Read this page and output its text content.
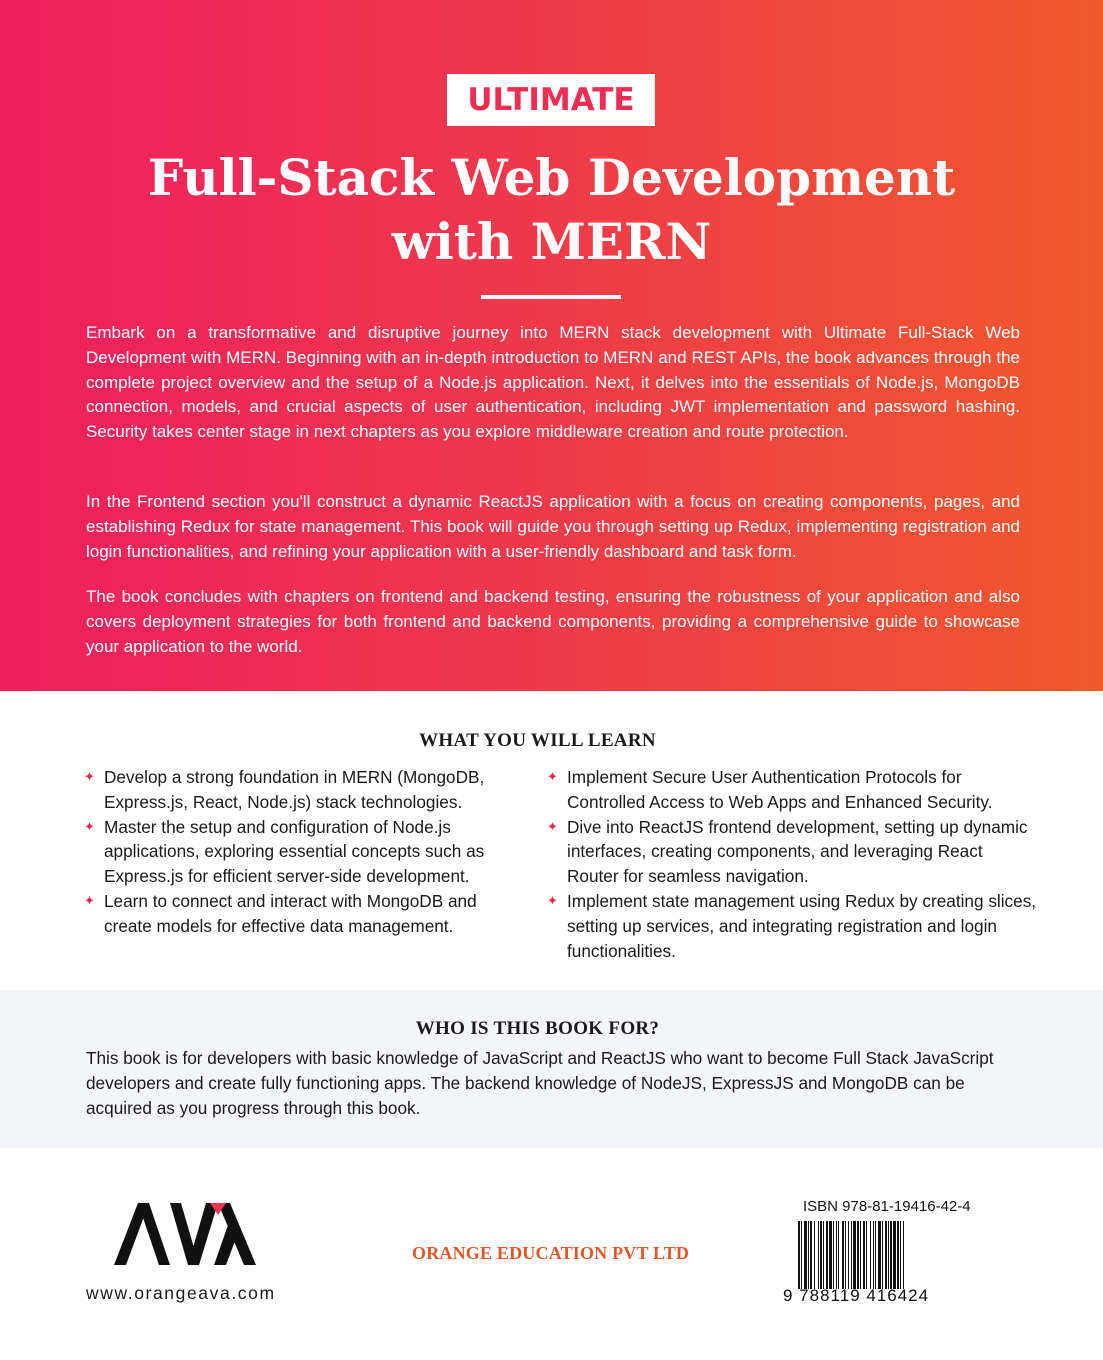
ULTIMATE
Full-Stack Web Development
with MERN
Embark on a transformative and disruptive journey into MERN stack development with Ultimate Full-Stack Web Development with MERN. Beginning with an in-depth introduction to MERN and REST APIs, the book advances through the complete project overview and the setup of a Node.js application. Next, it delves into the essentials of Node.js, MongoDB connection, models, and crucial aspects of user authentication, including JWT implementation and password hashing. Security takes center stage in next chapters as you explore middleware creation and route protection.
In the Frontend section you'll construct a dynamic ReactJS application with a focus on creating components, pages, and establishing Redux for state management. This book will guide you through setting up Redux, implementing registration and login functionalities, and refining your application with a user-friendly dashboard and task form.
The book concludes with chapters on frontend and backend testing, ensuring the robustness of your application and also covers deployment strategies for both frontend and backend components, providing a comprehensive guide to showcase your application to the world.
WHAT YOU WILL LEARN
✦ Develop a strong foundation in MERN (MongoDB, Express.js, React, Node.js) stack technologies.
✦ Master the setup and configuration of Node.js applications, exploring essential concepts such as Express.js for efficient server-side development.
✦ Learn to connect and interact with MongoDB and create models for effective data management.
✦ Implement Secure User Authentication Protocols for Controlled Access to Web Apps and Enhanced Security.
✦ Dive into ReactJS frontend development, setting up dynamic interfaces, creating components, and leveraging React Router for seamless navigation.
✦ Implement state management using Redux by creating slices, setting up services, and integrating registration and login functionalities.
WHO IS THIS BOOK FOR?
This book is for developers with basic knowledge of JavaScript and ReactJS who want to become Full Stack JavaScript developers and create fully functioning apps. The backend knowledge of NodeJS, ExpressJS and MongoDB can be acquired as you progress through this book.
www.orangeava.com
ORANGE EDUCATION PVT LTD
ISBN 978-81-19416-42-4
9 788119 416424
